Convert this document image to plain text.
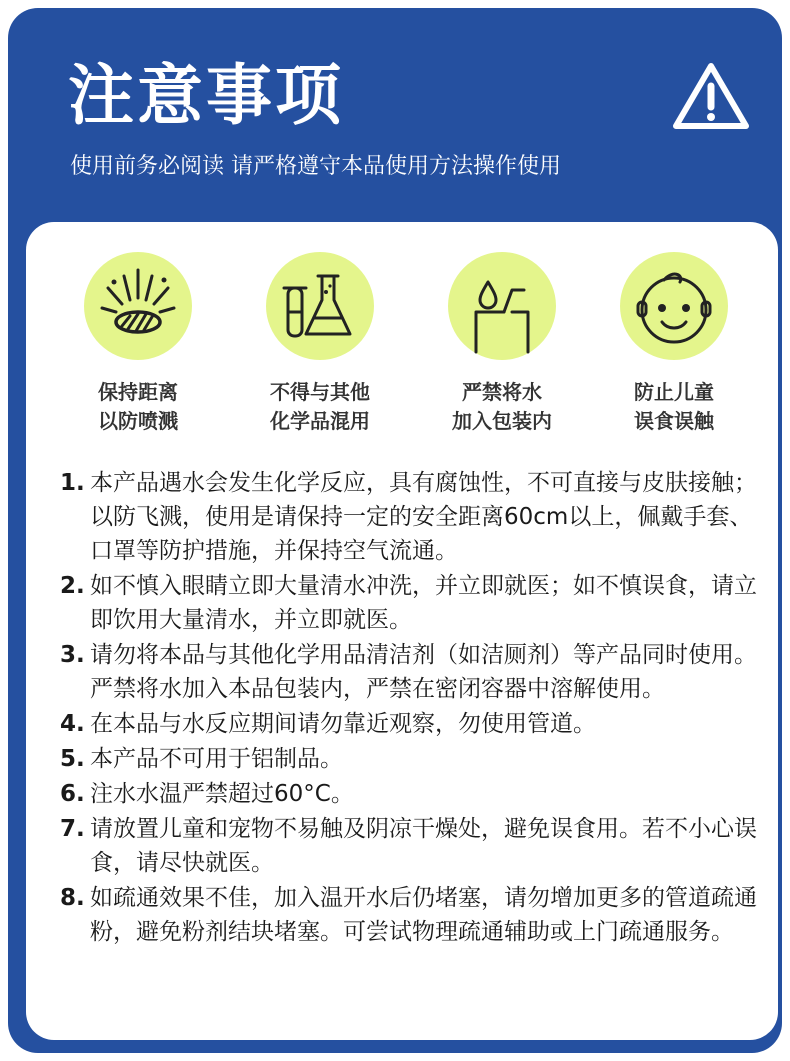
注意事项

使用前务必阅读 请严格遵守本品使用方法操作使用

保持距离
以防喷溅
不得与其他
化学品混用
严禁将水
加入包装内
防止儿童
误食误触
1. 本产品遇水会发生化学反应，具有腐蚀性，不可直接与皮肤接触；以防飞溅，使用是请保持一定的安全距离60cm以上，佩戴手套、口罩等防护措施，并保持空气流通。
2. 如不慎入眼睛立即大量清水冲洗，并立即就医；如不慎误食，请立即饮用大量清水，并立即就医。
3. 请勿将本品与其他化学用品清洁剂（如洁厕剂）等产品同时使用。严禁将水加入本品包装内，严禁在密闭容器中溶解使用。
4. 在本品与水反应期间请勿靠近观察，勿使用管道。
5. 本产品不可用于铝制品。
6. 注水水温严禁超过60°C。
7. 请放置儿童和宠物不易触及阴凉干燥处，避免误食用。若不小心误食，请尽快就医。
8. 如疏通效果不佳，加入温开水后仍堵塞，请勿增加更多的管道疏通粉，避免粉剂结块堵塞。可尝试物理疏通辅助或上门疏通服务。
